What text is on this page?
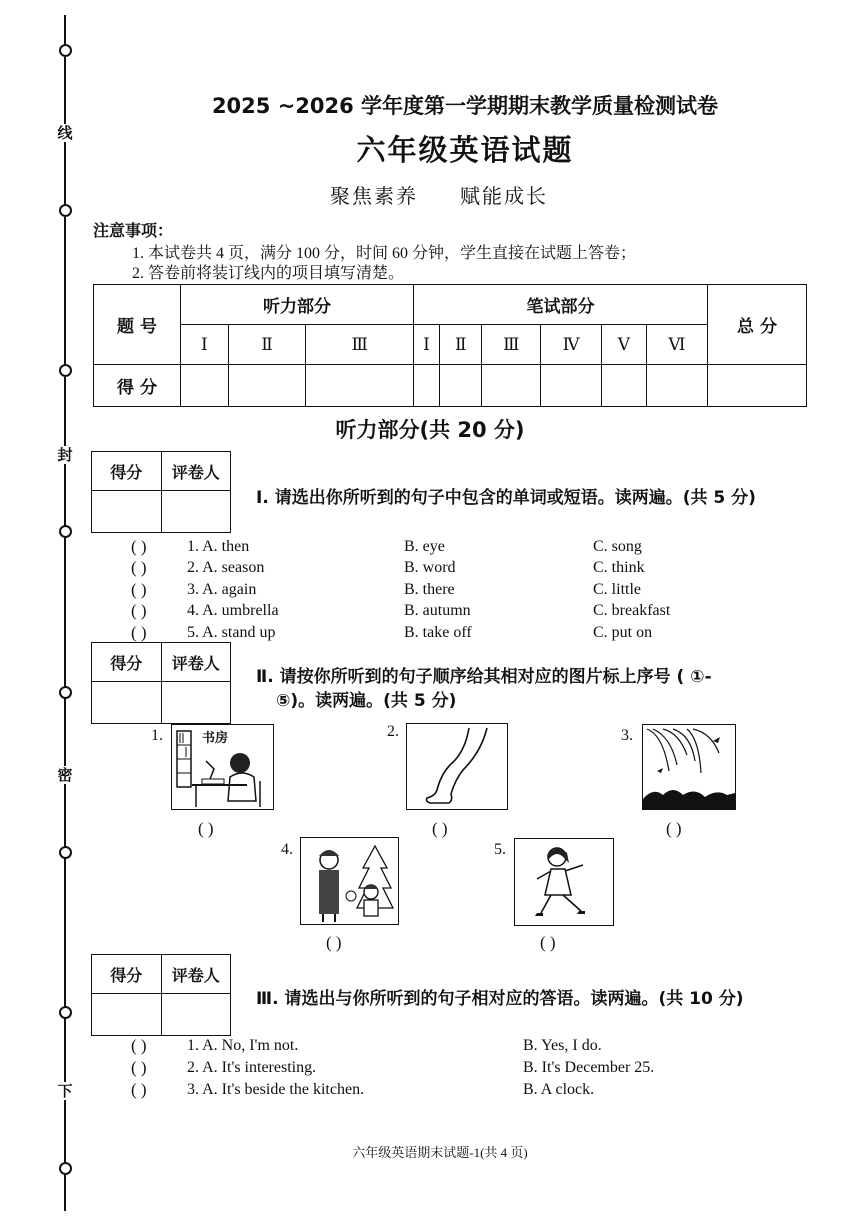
线
封
密
下
2025 ~2026 学年度第一学期期末教学质量检测试卷
六年级英语试题
聚焦素养 赋能成长
注意事项：
1. 本试卷共 4 页，满分 100 分，时间 60 分钟，学生直接在试题上答卷；
2. 答卷前将装订线内的项目填写清楚。
题 号	听力部分			笔试部分						总 分
	Ⅰ	Ⅱ	Ⅲ	Ⅰ	Ⅱ	Ⅲ	Ⅳ	Ⅴ	Ⅵ	
得 分										
听力部分(共 20 分)
得分	评卷人

Ⅰ. 请选出你所听到的句子中包含的单词或短语。读两遍。(共 5 分)
( )	1. A. then	B. eye	C. song
( )	2. A. season	B. word	C. think
( )	3. A. again	B. there	C. little
( )	4. A. umbrella	B. autumn	C. breakfast
( )	5. A. stand up	B. take off	C. put on
得分	评卷人

Ⅱ. 请按你所听到的句子顺序给其相对应的图片标上序号 ( ①-
⑤)。读两遍。(共 5 分)
1.	书房
( )
2.
( )
3.
( )
4.
( )
5.
( )
得分	评卷人

Ⅲ. 请选出与你所听到的句子相对应的答语。读两遍。(共 10 分)
( )	1. A. No, I'm not.	B. Yes, I do.
( )	2. A. It's interesting.	B. It's December 25.
( )	3. A. It's beside the kitchen.	B. A clock.
六年级英语期末试题-1(共 4 页)
